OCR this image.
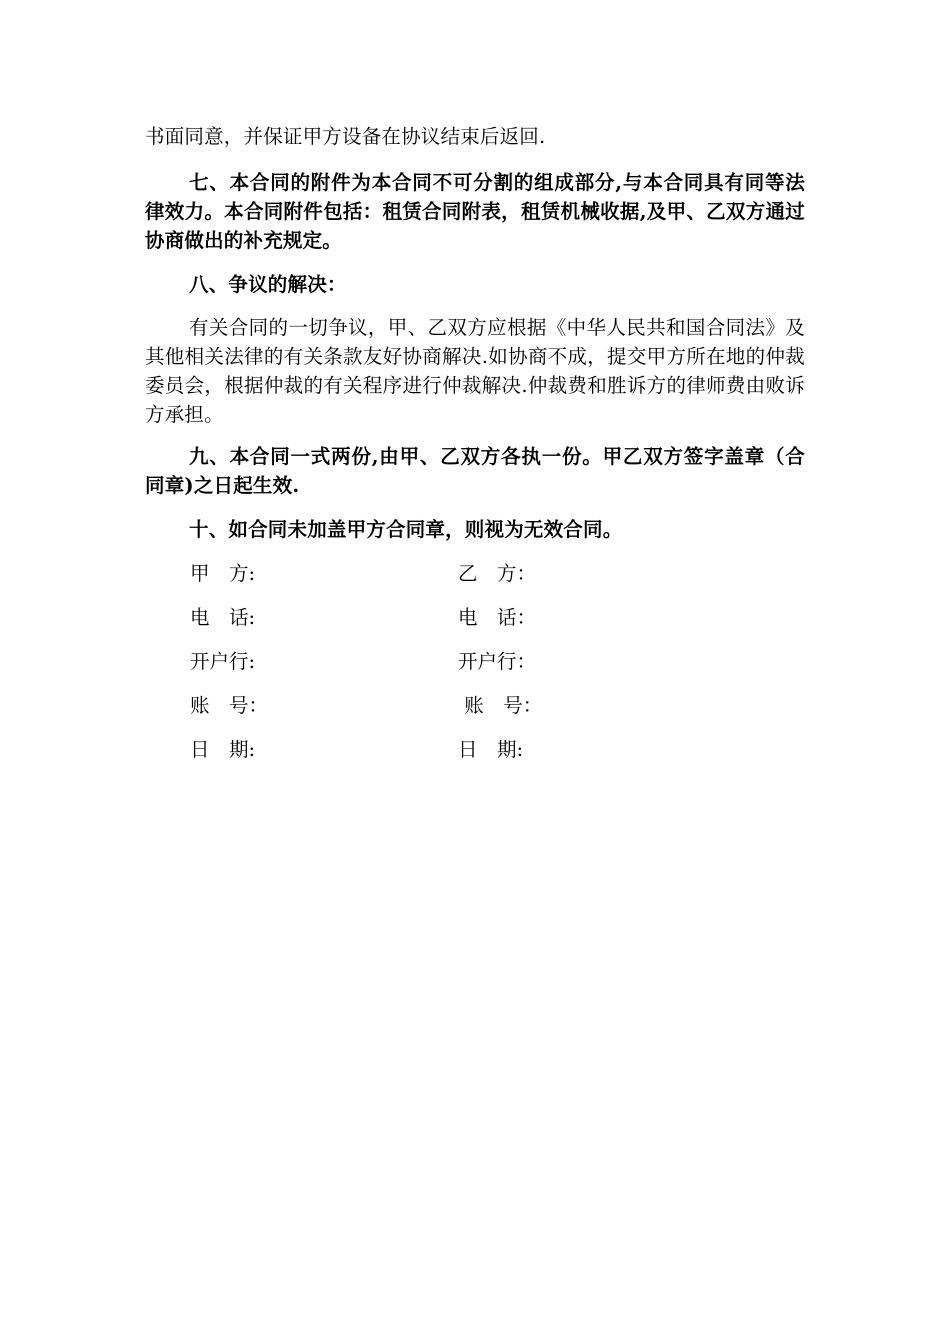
书面同意，并保证甲方设备在协议结束后返回.

七、本合同的附件为本合同不可分割的组成部分,与本合同具有同等法律效力。本合同附件包括：租赁合同附表，租赁机械收据,及甲、乙双方通过协商做出的补充规定。

八、争议的解决：

有关合同的一切争议，甲、乙双方应根据《中华人民共和国合同法》及其他相关法律的有关条款友好协商解决.如协商不成，提交甲方所在地的仲裁委员会，根据仲裁的有关程序进行仲裁解决.仲裁费和胜诉方的律师费由败诉方承担。

九、本合同一式两份,由甲、乙双方各执一份。甲乙双方签字盖章（合同章)之日起生效.

十、如合同未加盖甲方合同章，则视为无效合同。

甲　方:	乙　方：
电　话:	电　话：
开户行:	开户行：
账　号：	账　号：
日　期:	日　期:
